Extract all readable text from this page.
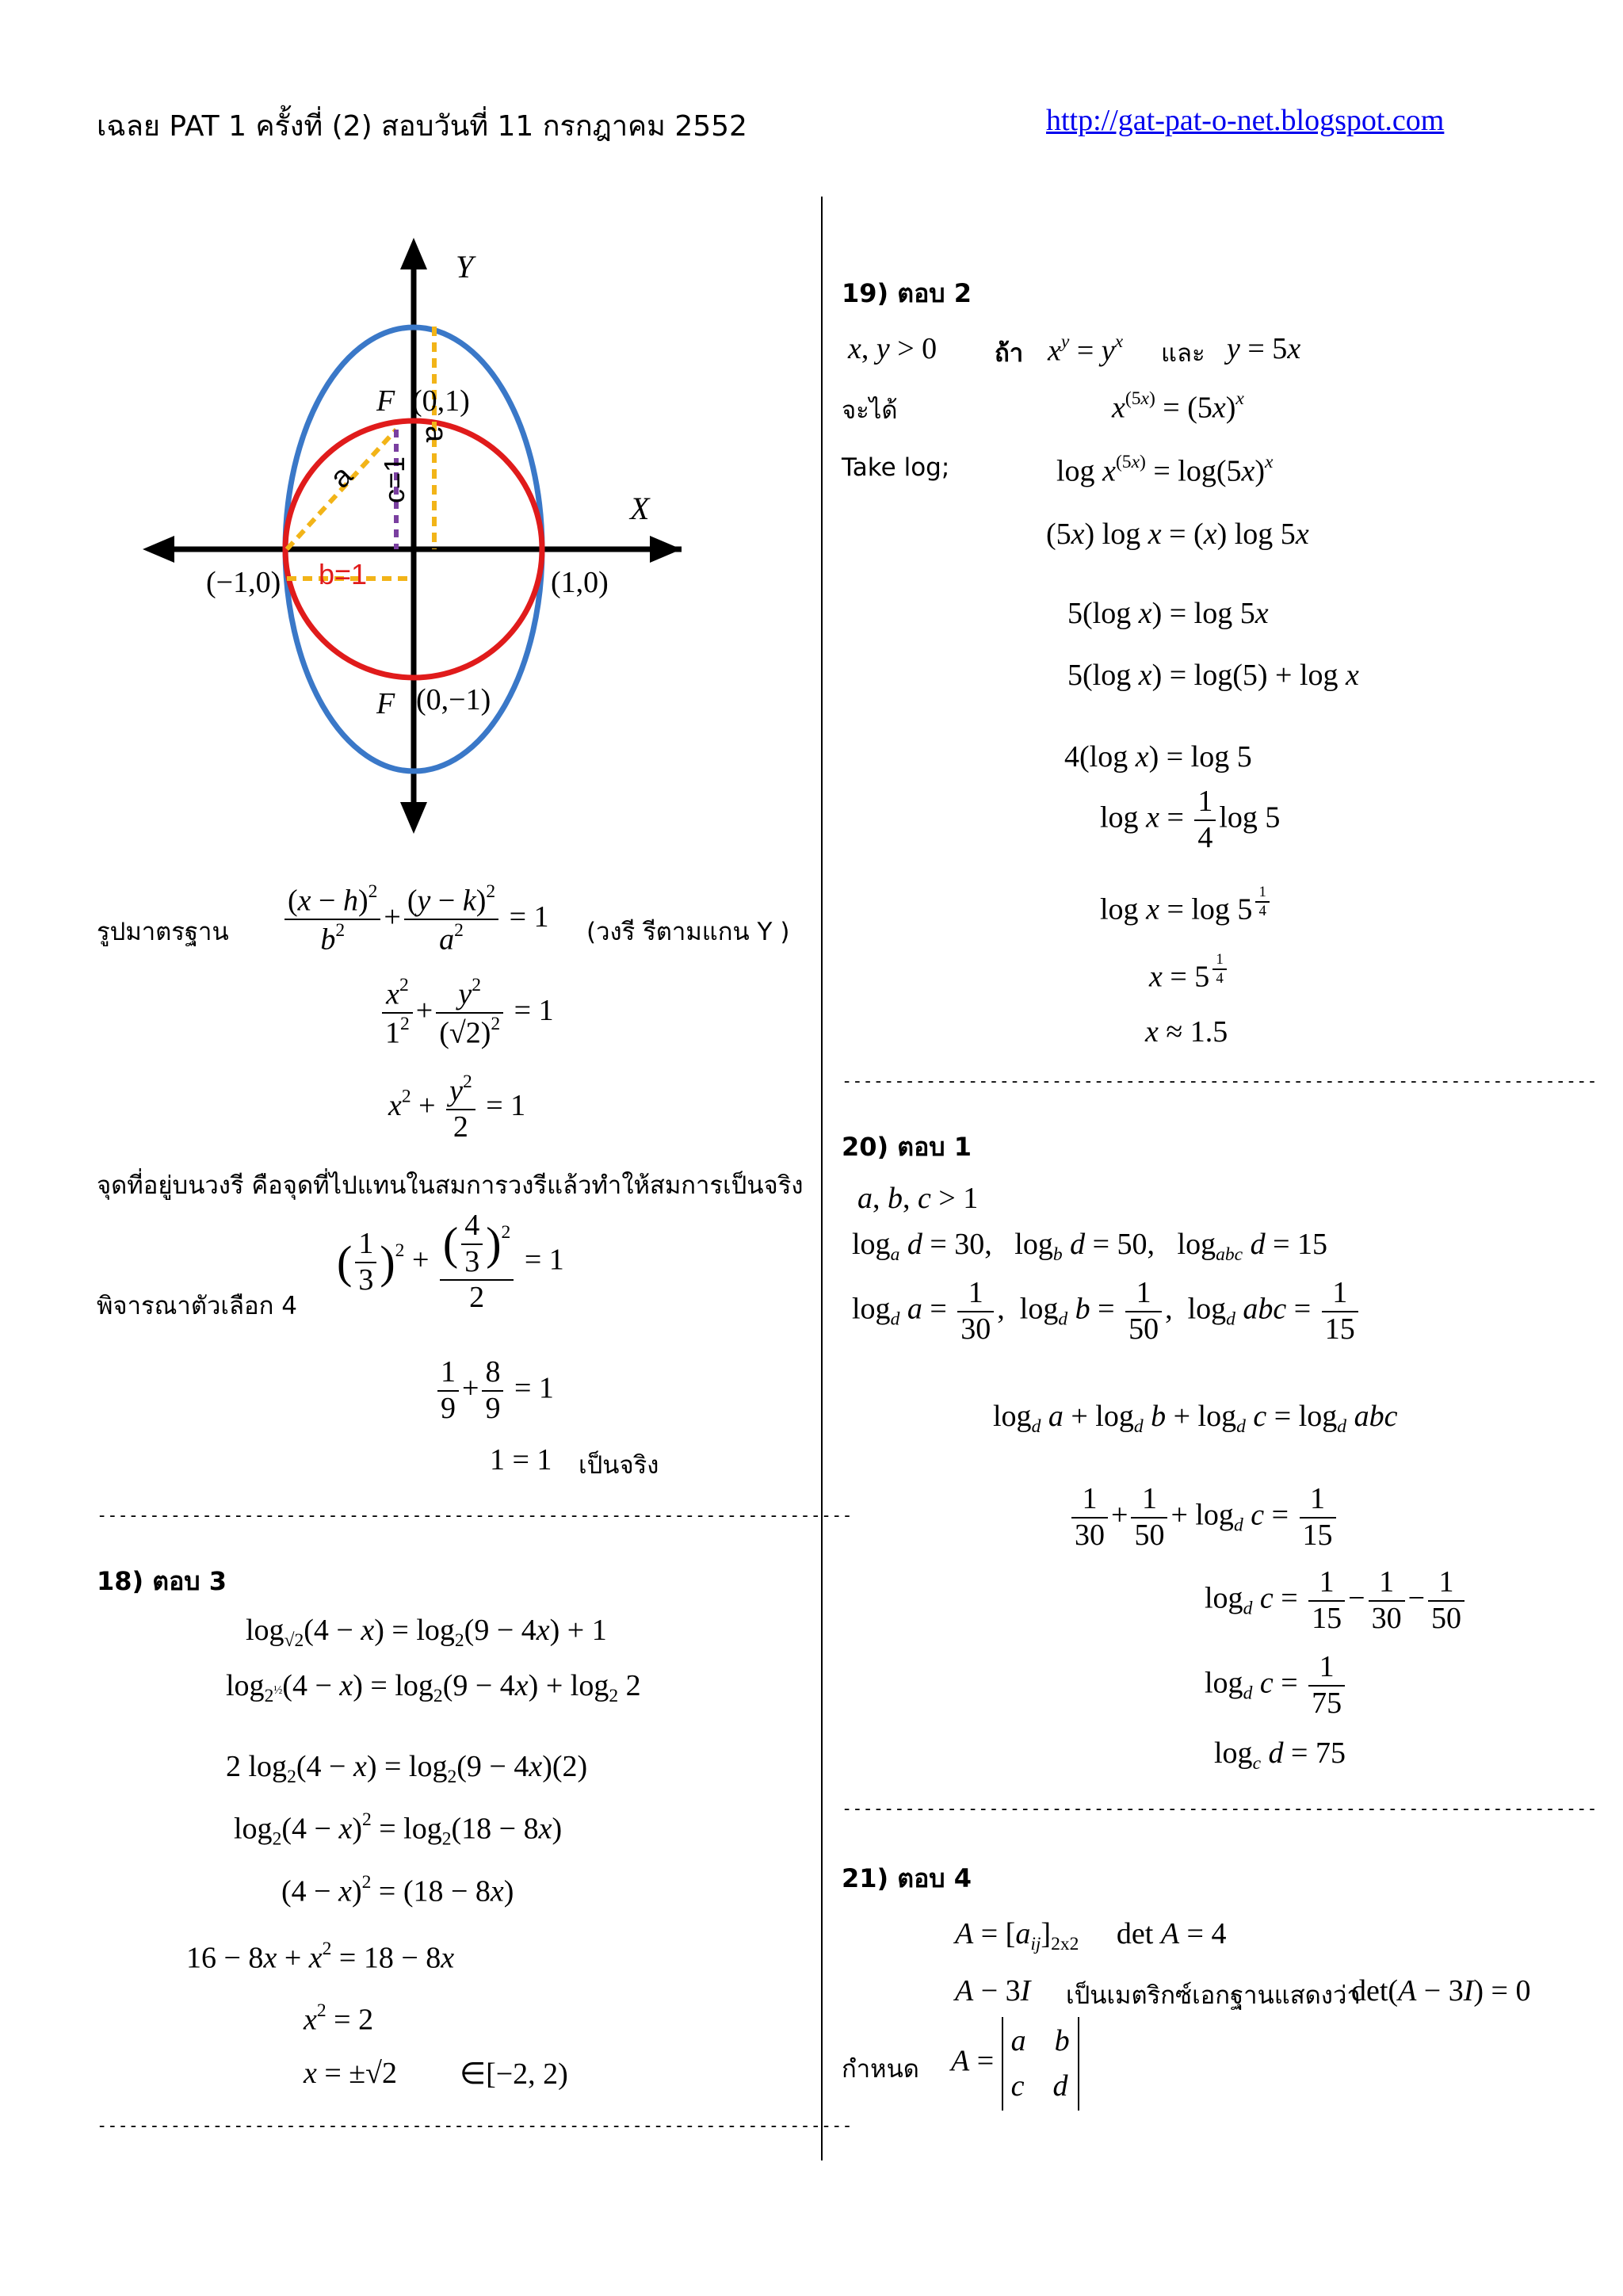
เฉลย PAT 1 ครั้งที่ (2) สอบวันที่ 11 กรกฎาคม 2552	http://gat-pat-o-net.blogspot.com
Y
X
F (0,1)
F (0,−1)
(−1,0)	(1,0)
a
a
c=1
b=1
รูปมาตรฐาน $\frac{(x - h)^2}{b^2} + \frac{(y - k)^2}{a^2} = 1$ (วงรี รีตามแกน Y )
$\frac{x^2}{1^2} + \frac{y^2}{(√2)^2} = 1$
$x^2 + \frac{y^2}{2} = 1$
จุดที่อยู่บนวงรี คือจุดที่ไปแทนในสมการวงรีแล้วทำให้สมการเป็นจริง
พิจารณาตัวเลือก 4
( $\frac{1}{3} )^2 + \frac{( \frac{4}{3} )^2}{2} = 1$
$\frac{1}{9} + \frac{8}{9} = 1$
1 = 1 เป็นจริง
------------------------------------------------------------------------
18) ตอบ 3
$\log_{√2}(4 - x) = \log_2(9 - 4x) + 1$
$\log_{2^{\frac{1}{2}}}(4 - x) = \log_2(9 - 4x) + \log_2 2$
2 $\log_2(4 - x) = \log_2(9 - 4x)(2)$
$\log_2(4 - x)^2 = \log_2(18 - 8x)$
$(4 - x)^2 = (18 - 8x)$
$16 - 8x + x^2 = 18 - 8x$
$x^2 = 2$
x = ±√2 ∈[−2, 2)
------------------------------------------------------------------------
19) ตอบ 2
x, y > 0 ถ้า $x^y = y^x$ และ y = 5x
จะได้	$x^{(5x)} = (5x)^x$
Take log;	$\log x^{(5x)} = \log(5x)^x$
(5x) log x = (x) log 5x
5(log x) = log 5x
5(log x) = log(5) + log x
4(log x) = log 5
$\log x = \frac{1}{4}$ log 5
log x = log 5 $^{\frac{1}{4}}$
x = 5 $^{\frac{1}{4}}$
x ≈ 1.5
------------------------------------------------------------------------
20) ตอบ 1
a, b, c > 1
$\log_a d = 30$,   $\log_b d = 50$,   $\log_{abc} d = 15$
$\log_d a = \frac{1}{30}$ ,  $\log_d b = \frac{1}{50}$ ,  $\log_d$ abc = $\frac{1}{15}$
$\log_d a + \log_d b + \log_d c = \log_d$ abc
$\frac{1}{30} + \frac{1}{50} + \log_d c = \frac{1}{15}$
$\log_d c = \frac{1}{15} - \frac{1}{30} - \frac{1}{50}$
$\log_d c = \frac{1}{75}$
$\log_c d = 75$
------------------------------------------------------------------------
21) ตอบ 4
$A = [a_{ij}]_{2x2}$     det A = 4
A − 3I เป็นเมตริกซ์เอกฐานแสดงว่า
det(A − 3I) = 0
กำหนด A =
a b
c d
